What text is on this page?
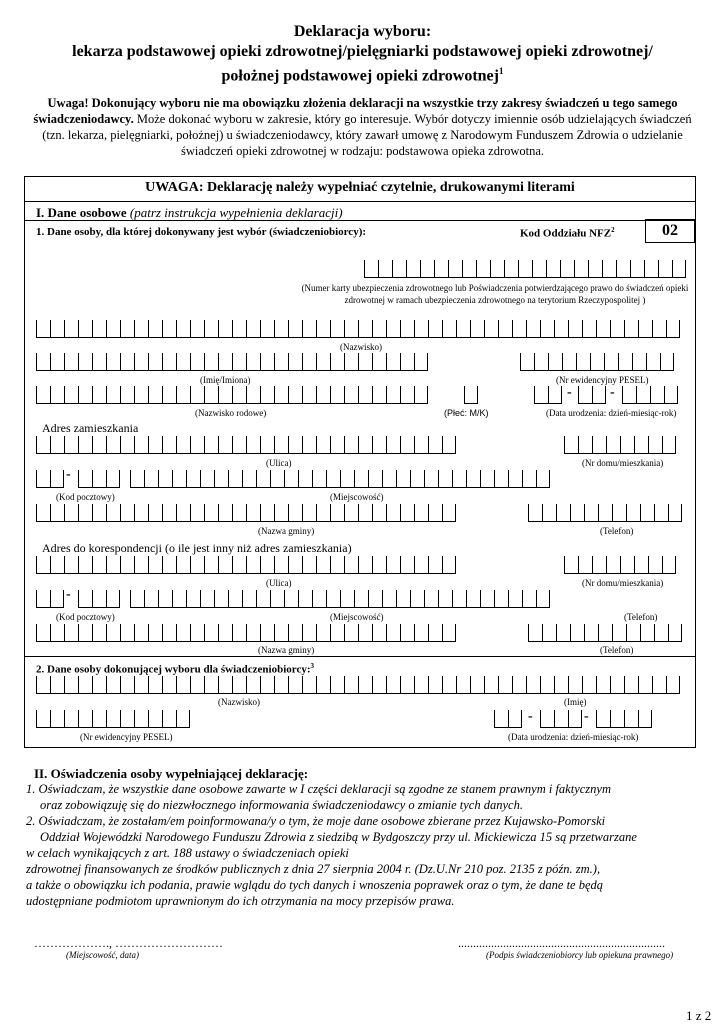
Deklaracja wyboru:
lekarza podstawowej opieki zdrowotnej/pielęgniarki podstawowej opieki zdrowotnej/
położnej podstawowej opieki zdrowotnej$^1$
Uwaga! Dokonujący wyboru nie ma obowiązku złożenia deklaracji na wszystkie trzy zakresy świadczeń u tego samego świadczeniodawcy. Może dokonać wyboru w zakresie, który go interesuje. Wybór dotyczy imiennie osób udzielających świadczeń (tzn. lekarza, pielęgniarki, położnej) u świadczeniodawcy, który zawarł umowę z Narodowym Funduszem Zdrowia o udzielanie świadczeń opieki zdrowotnej w rodzaju: podstawowa opieka zdrowotna.
UWAGA: Deklarację należy wypełniać czytelnie, drukowanymi literami
I. Dane osobowe (patrz instrukcja wypełnienia deklaracji)
1. Dane osoby, dla której dokonywany jest wybór (świadczeniobiorcy):	Kod Oddziału NFZ$^2$	02
(Numer karty ubezpieczenia zdrowotnego lub Poświadczenia potwierdzającego prawo do świadczeń opieki zdrowotnej w ramach ubezpieczenia zdrowotnego na terytorium Rzeczypospolitej )
(Nazwisko)
(Imię/Imiona)	(Nr ewidencyjny PESEL)
-	-
(Nazwisko rodowe)	(Płeć: M/K)	(Data urodzenia: dzień-miesiąc-rok)
Adres zamieszkania
(Ulica)	(Nr domu/mieszkania)
-
(Kod pocztowy)	(Miejscowość)
(Nazwa gminy)	(Telefon)
Adres do korespondencji (o ile jest inny niż adres zamieszkania)
(Ulica)	(Nr domu/mieszkania)
-
(Kod pocztowy)	(Miejscowość)	(Telefon)
(Nazwa gminy)	(Telefon)
2. Dane osoby dokonującej wyboru dla świadczeniobiorcy:$^3$
(Nazwisko)	(Imię)
-	-
(Nr ewidencyjny PESEL)	(Data urodzenia: dzień-miesiąc-rok)
II. Oświadczenia osoby wypełniającej deklarację:
1. Oświadczam, że wszystkie dane osobowe zawarte w I części deklaracji są zgodne ze stanem prawnym i faktycznym
oraz zobowiązuję się do niezwłocznego informowania świadczeniodawcy o zmianie tych danych.
2. Oświadczam, że zostałam/em poinformowana/y o tym, że moje dane osobowe zbierane przez Kujawsko-Pomorski
Oddział Wojewódzki Narodowego Funduszu Zdrowia z siedzibą w Bydgoszczy przy ul. Mickiewicza 15 są przetwarzane
w celach wynikających z art. 188 ustawy o świadczeniach opieki
zdrowotnej finansowanych ze środków publicznych z dnia 27 sierpnia 2004 r. (Dz.U.Nr 210 poz. 2135 z późn. zm.),
a także o obowiązku ich podania, prawie wglądu do tych danych i wnoszenia poprawek oraz o tym, że dane te będą
udostępniane podmiotom uprawnionym do ich otrzymania na mocy przepisów prawa.
………………., ………………………	.....................................................................
(Miejscowość, data)	(Podpis świadczeniobiorcy lub opiekuna prawnego)
1 z 2
